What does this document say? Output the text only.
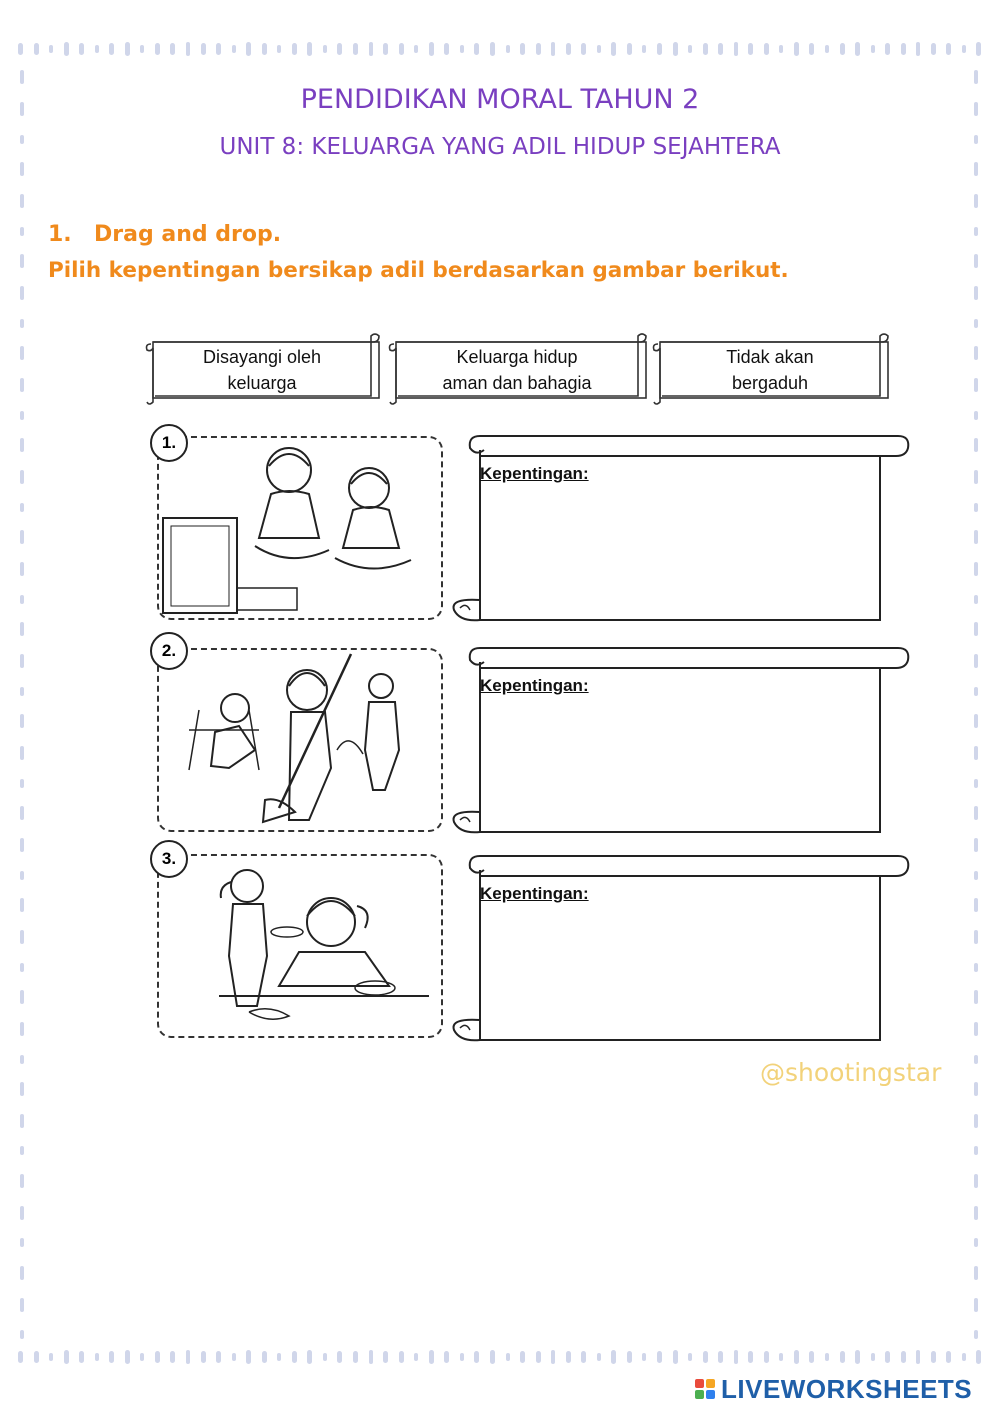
PENDIDIKAN MORAL TAHUN 2
UNIT 8: KELUARGA YANG ADIL HIDUP SEJAHTERA
1. Drag and drop.
Pilih kepentingan bersikap adil berdasarkan gambar berikut.
Disayangi oleh
keluarga
Keluarga hidup
aman dan bahagia
Tidak akan
bergaduh
1.
Kepentingan:
2.
Kepentingan:
3.
Kepentingan:
@shootingstar
LIVEWORKSHEETS
